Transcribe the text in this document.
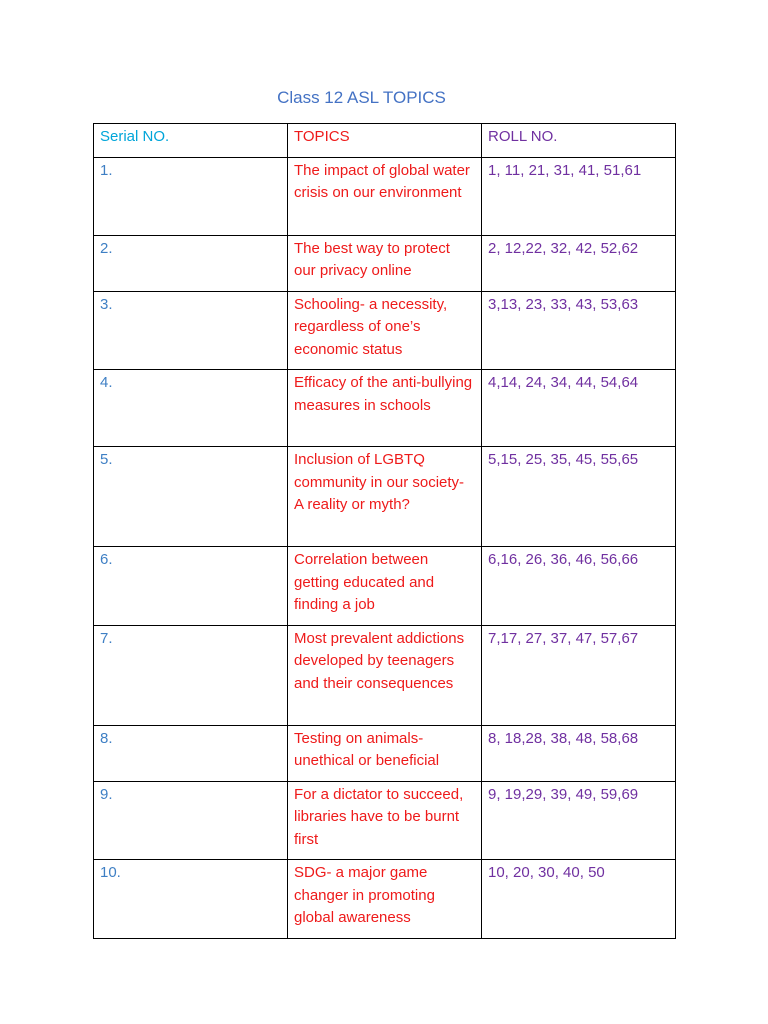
Class 12 ASL TOPICS
Serial NO.	TOPICS	ROLL NO.
1.	The impact of global water crisis on our environment	1, 11, 21, 31, 41, 51,61
2.	The best way to protect our privacy online	2, 12,22, 32, 42, 52,62
3.	Schooling- a necessity, regardless of one’s economic status	3,13, 23, 33, 43, 53,63
4.	Efficacy of the anti-bullying measures in schools	4,14, 24, 34, 44, 54,64
5.	Inclusion of LGBTQ community in our society- A reality or myth?	5,15, 25, 35, 45, 55,65
6.	Correlation between getting educated and finding a job	6,16, 26, 36, 46, 56,66
7.	Most prevalent addictions developed by teenagers and their consequences	7,17, 27, 37, 47, 57,67
8.	Testing on animals- unethical or beneficial	8, 18,28, 38, 48, 58,68
9.	For a dictator to succeed, libraries have to be burnt first	9, 19,29, 39, 49, 59,69
10.	SDG- a major game changer in promoting global awareness	10, 20, 30, 40, 50
